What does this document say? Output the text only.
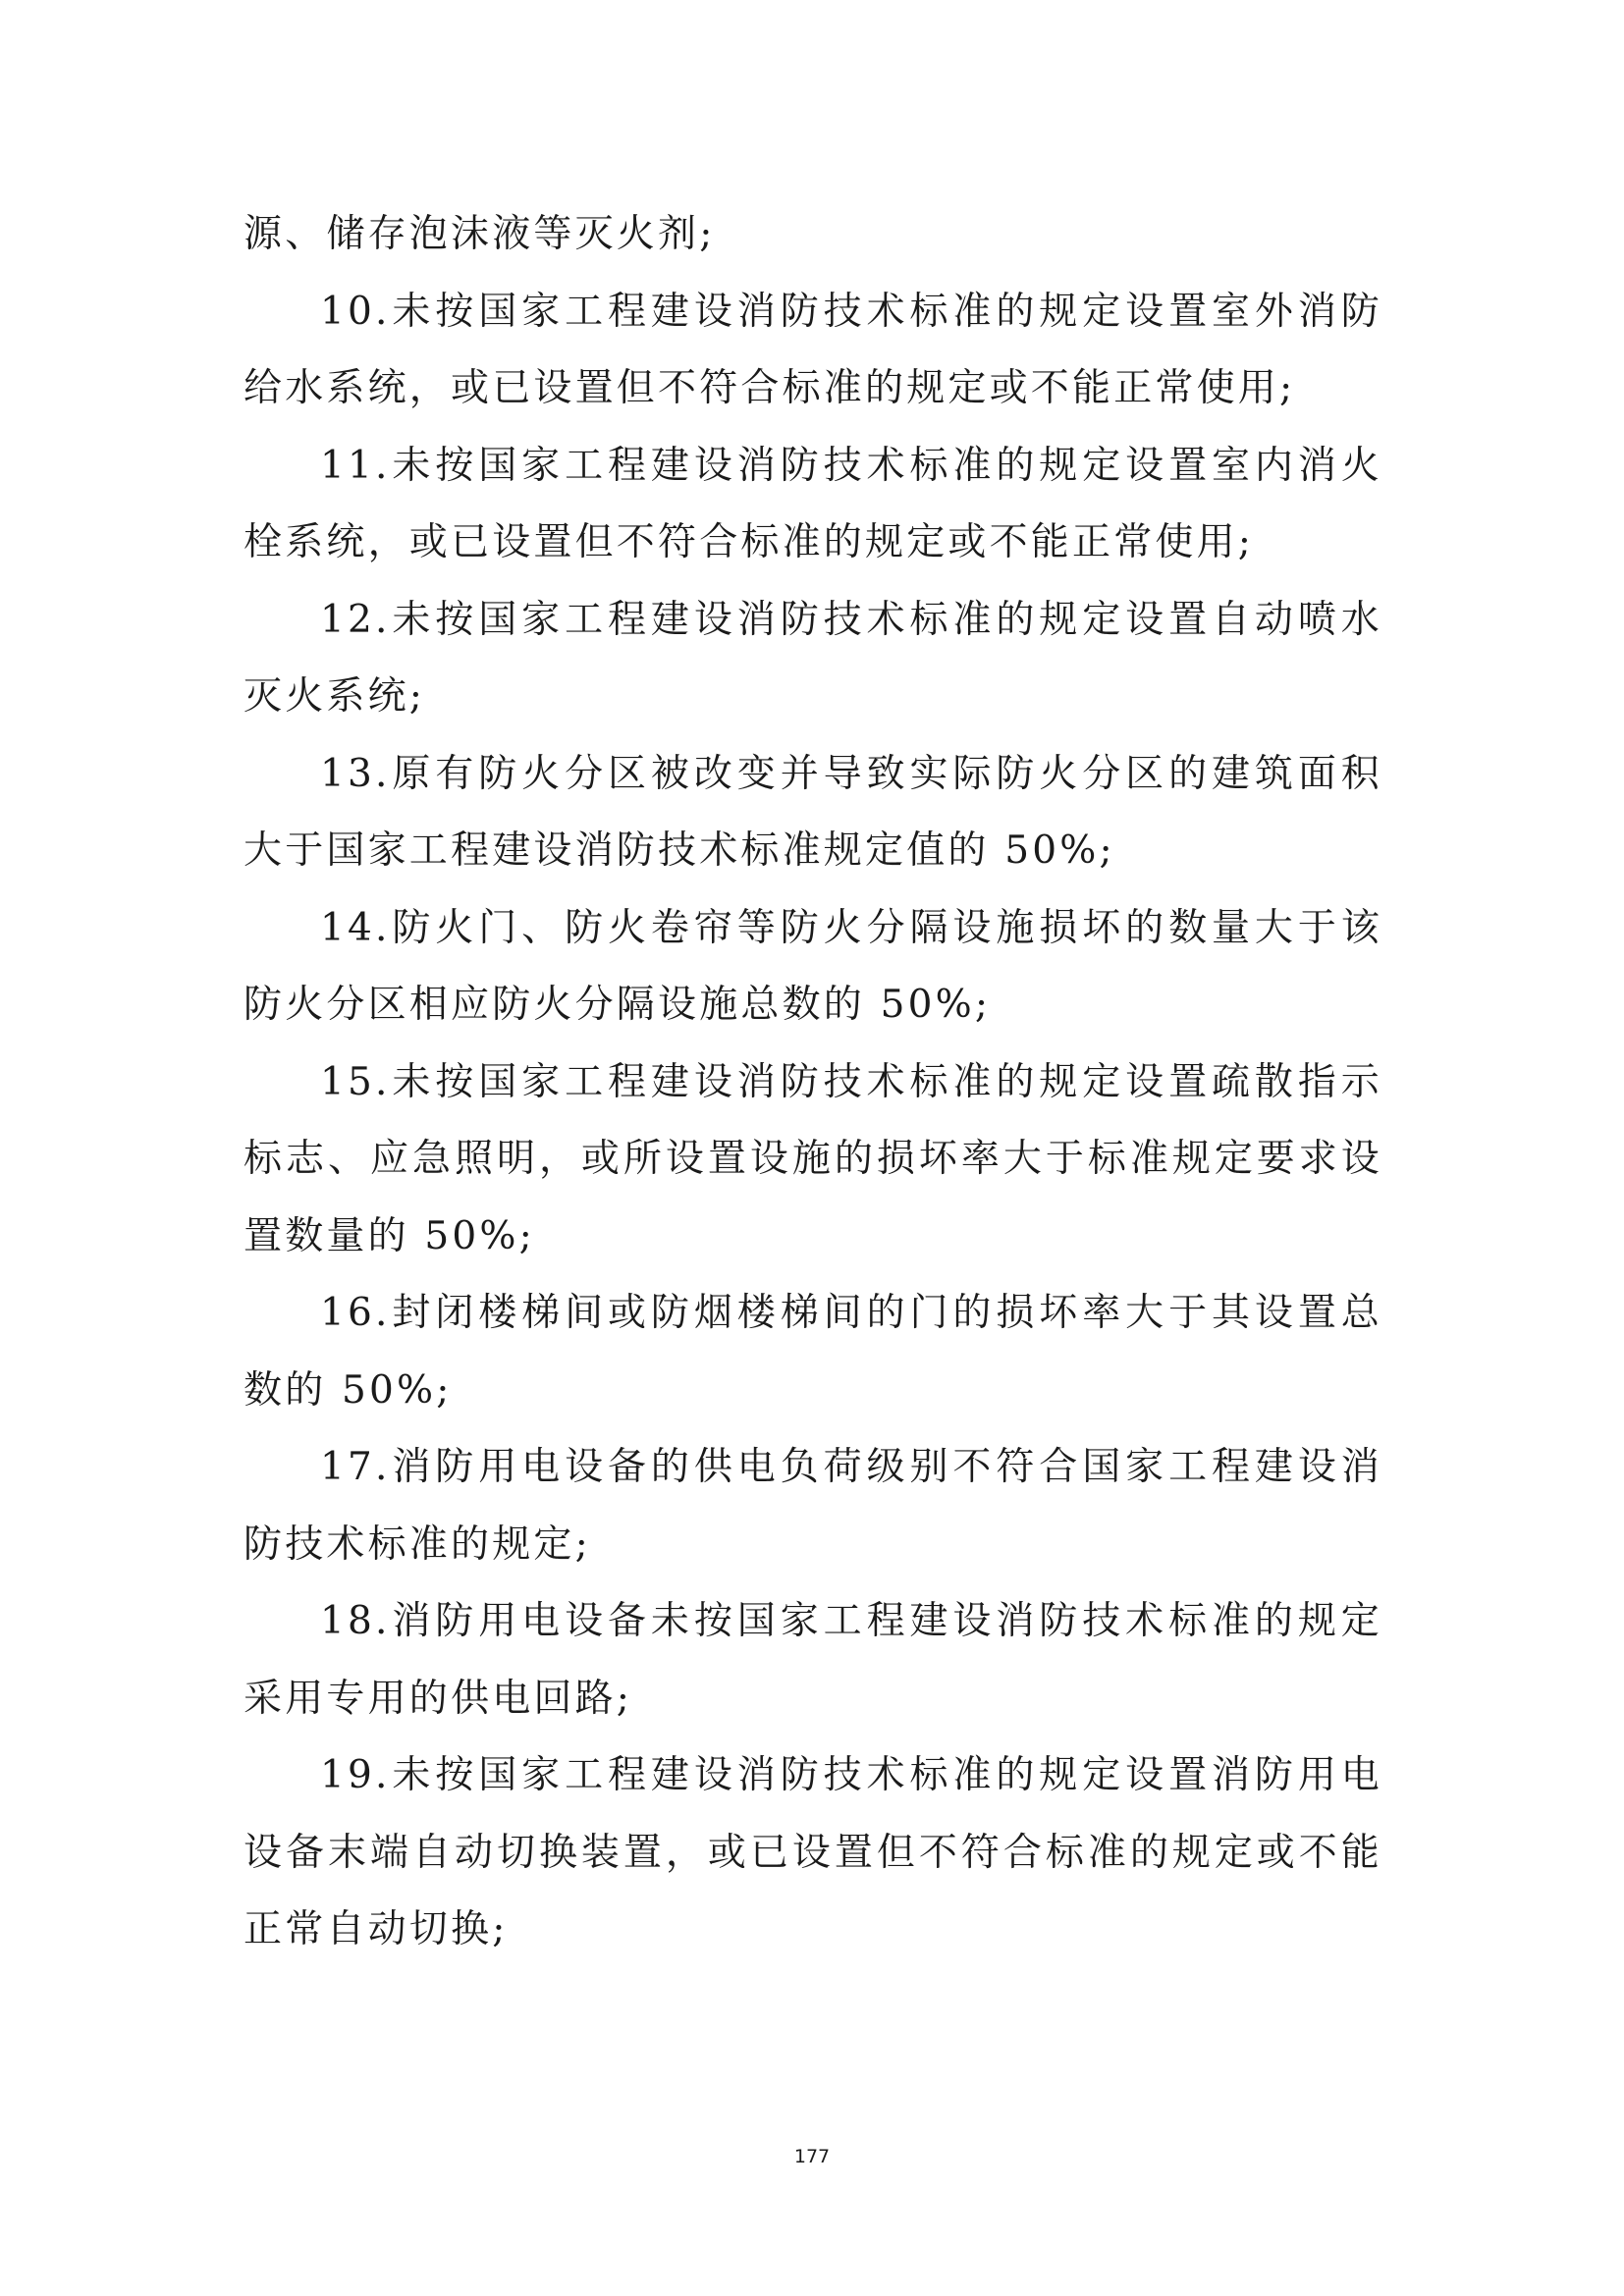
源、储存泡沫液等灭火剂;

10.未按国家工程建设消防技术标准的规定设置室外消防给水系统，或已设置但不符合标准的规定或不能正常使用;

11.未按国家工程建设消防技术标准的规定设置室内消火栓系统，或已设置但不符合标准的规定或不能正常使用;

12.未按国家工程建设消防技术标准的规定设置自动喷水灭火系统;

13.原有防火分区被改变并导致实际防火分区的建筑面积大于国家工程建设消防技术标准规定值的 50%;

14.防火门、防火卷帘等防火分隔设施损坏的数量大于该防火分区相应防火分隔设施总数的 50%;

15.未按国家工程建设消防技术标准的规定设置疏散指示标志、应急照明，或所设置设施的损坏率大于标准规定要求设置数量的 50%;

16.封闭楼梯间或防烟楼梯间的门的损坏率大于其设置总数的 50%;

17.消防用电设备的供电负荷级别不符合国家工程建设消防技术标准的规定;

18.消防用电设备未按国家工程建设消防技术标准的规定采用专用的供电回路;

19.未按国家工程建设消防技术标准的规定设置消防用电设备末端自动切换装置，或已设置但不符合标准的规定或不能正常自动切换;

177
